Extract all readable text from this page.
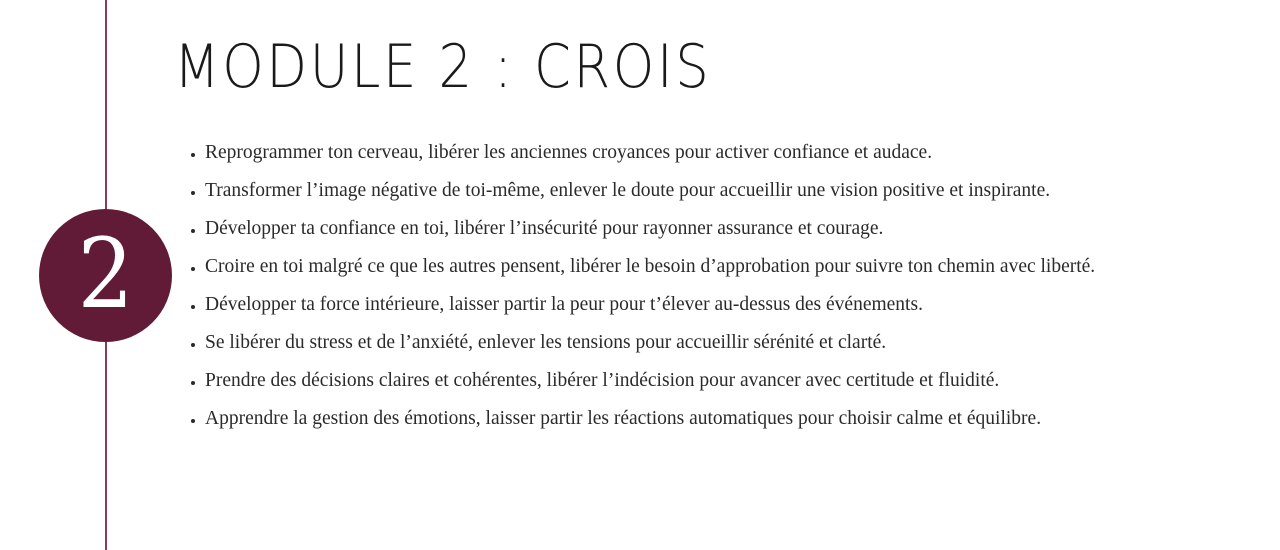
2
MODULE 2 : CROIS
• Reprogrammer ton cerveau, libérer les anciennes croyances pour activer confiance et audace.
• Transformer l’image négative de toi-même, enlever le doute pour accueillir une vision positive et inspirante.
• Développer ta confiance en toi, libérer l’insécurité pour rayonner assurance et courage.
• Croire en toi malgré ce que les autres pensent, libérer le besoin d’approbation pour suivre ton chemin avec liberté.
• Développer ta force intérieure, laisser partir la peur pour t’élever au-dessus des événements.
• Se libérer du stress et de l’anxiété, enlever les tensions pour accueillir sérénité et clarté.
• Prendre des décisions claires et cohérentes, libérer l’indécision pour avancer avec certitude et fluidité.
• Apprendre la gestion des émotions, laisser partir les réactions automatiques pour choisir calme et équilibre.
